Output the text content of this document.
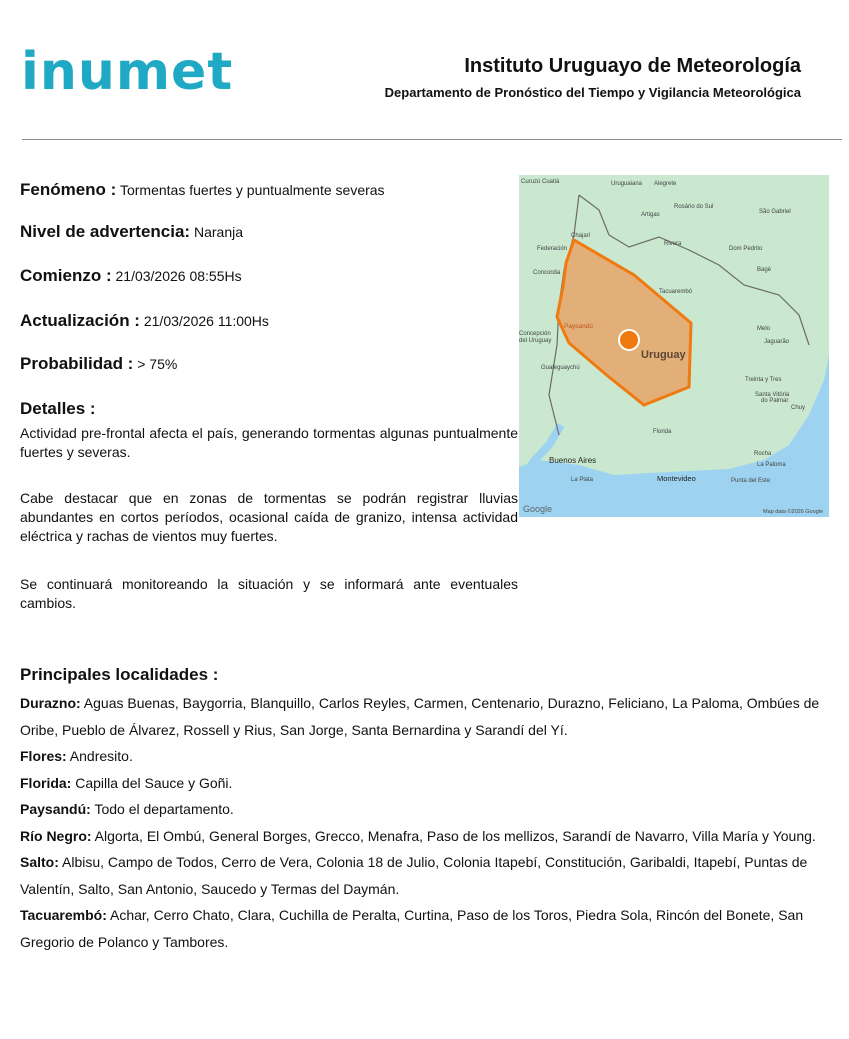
inumet	Instituto Uruguayo de Meteorología
Departamento de Pronóstico del Tiempo y Vigilancia Meteorológica
Fenómeno : Tormentas fuertes y puntualmente severas
Nivel de advertencia: Naranja
Comienzo : 21/03/2026 08:55Hs
Actualización : 21/03/2026 11:00Hs
Probabilidad : > 75%
Detalles :
Actividad pre-frontal afecta el país, generando tormentas algunas puntualmente fuertes y severas.
Cabe destacar que en zonas de tormentas se podrán registrar lluvias abundantes en cortos períodos, ocasional caída de granizo, intensa actividad eléctrica y rachas de vientos muy fuertes.
Se continuará monitoreando la situación y se informará ante eventuales cambios.
Uruguay
Curuzú Cuatiá	Uruguaiana Alegrete
Rosário do Sul
São Gabriel
Artigas
Chajarí
Federación
Rivera
Dom Pedrito
Concordia	Bagé
Tacuarembó
Paysandú	Melo
Concepción
del Uruguay	Jaguarão
Gualeguaychú
Treinta y Tres
Santa Vitória
do Palmar
Chuy
Florida
Rocha
Buenos Aires	La Paloma
La Plata	Montevideo	Punta del Este
Google	Map data ©2026 Google
Principales localidades :
Durazno: Aguas Buenas, Baygorria, Blanquillo, Carlos Reyles, Carmen, Centenario, Durazno, Feliciano, La Paloma, Ombúes de Oribe, Pueblo de Álvarez, Rossell y Rius, San Jorge, Santa Bernardina y Sarandí del Yí.
Flores: Andresito.
Florida: Capilla del Sauce y Goñi.
Paysandú: Todo el departamento.
Río Negro: Algorta, El Ombú, General Borges, Grecco, Menafra, Paso de los mellizos, Sarandí de Navarro, Villa María y Young.
Salto: Albisu, Campo de Todos, Cerro de Vera, Colonia 18 de Julio, Colonia Itapebí, Constitución, Garibaldi, Itapebí, Puntas de Valentín, Salto, San Antonio, Saucedo y Termas del Daymán.
Tacuarembó: Achar, Cerro Chato, Clara, Cuchilla de Peralta, Curtina, Paso de los Toros, Piedra Sola, Rincón del Bonete, San Gregorio de Polanco y Tambores.
